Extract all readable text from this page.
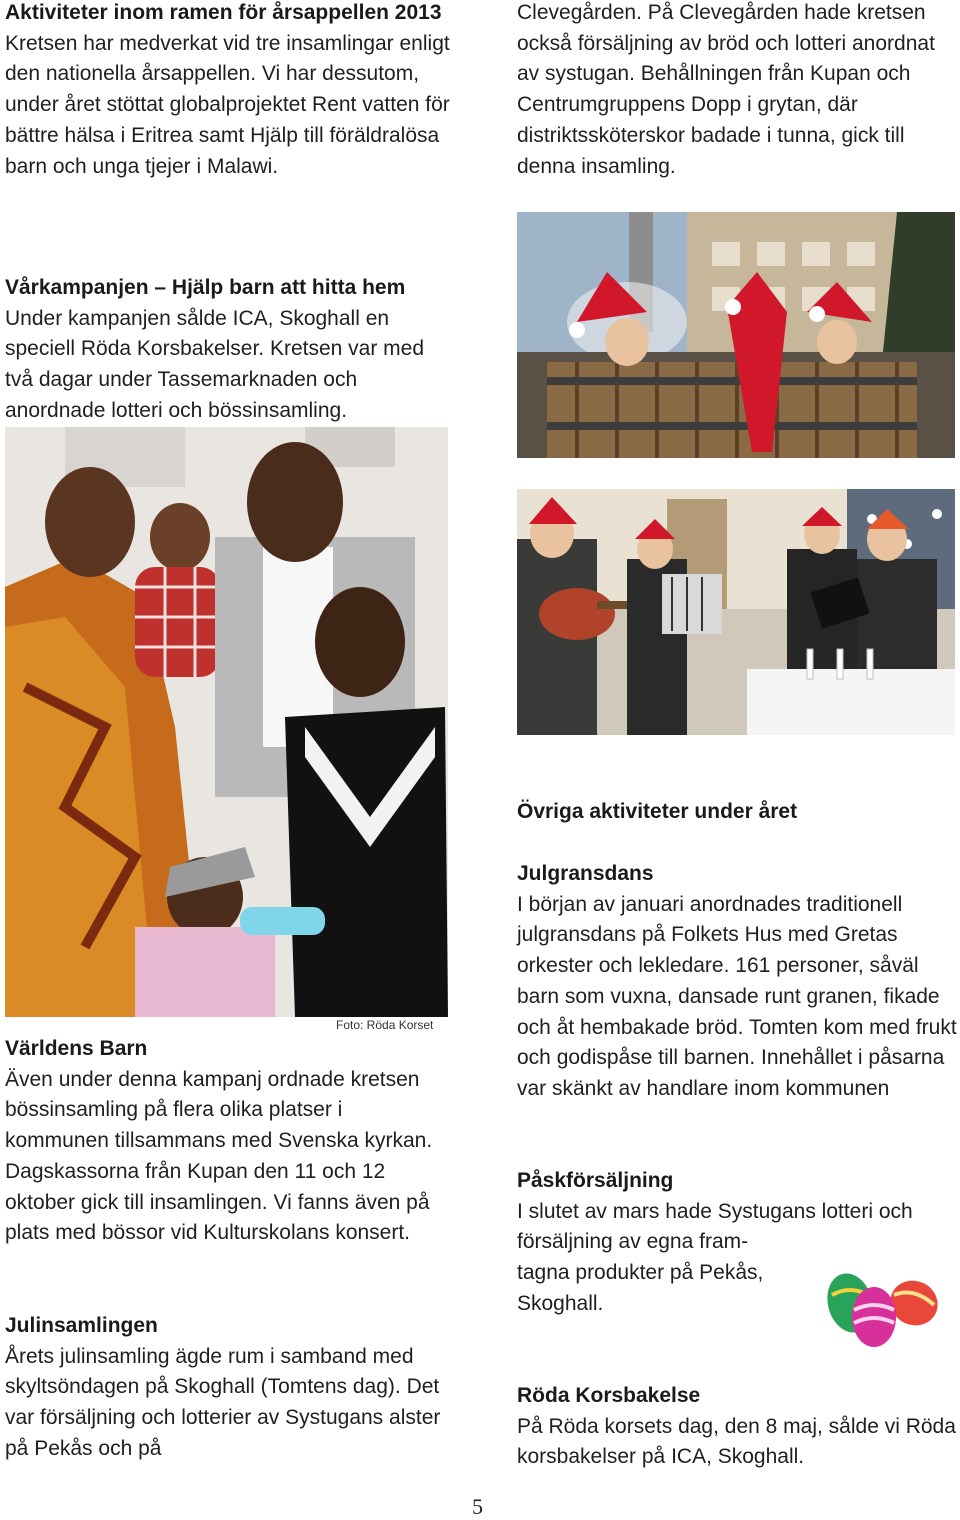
Aktiviteter inom ramen för årsappellen 2013
Kretsen har medverkat vid tre insamlingar enligt den nationella årsappellen. Vi har dessutom, under året stöttat globalprojektet Rent vatten för bättre hälsa i Eritrea samt Hjälp till föräldralösa barn och unga tjejer i Malawi.
Vårkampanjen – Hjälp barn att hitta hem
Under kampanjen sålde ICA, Skoghall en speciell Röda Korsbakelser. Kretsen var med två dagar under Tassemarknaden och anordnade lotteri och bössinsamling.
Foto: Röda Korset
Världens Barn
Även under denna kampanj ordnade kretsen bössinsamling på flera olika platser i kommunen tillsammans med Svenska kyrkan. Dagskassorna från Kupan den 11 och 12 oktober gick till insamlingen. Vi fanns även på plats med bössor vid Kulturskolans konsert.
Julinsamlingen
Årets julinsamling ägde rum i samband med skyltsöndagen på Skoghall (Tomtens dag). Det var försäljning och lotterier av Systugans alster på Pekås och på
Clevegården. På Clevegården hade kretsen också försäljning av bröd och lotteri anordnat av systugan. Behållningen från Kupan och Centrumgruppens Dopp i grytan, där distriktssköterskor badade i tunna, gick till denna insamling.
Övriga aktiviteter under året
Julgransdans
I början av januari anordnades traditionell julgransdans på Folkets Hus med Gretas orkester och lekledare. 161 personer, såväl barn som vuxna, dansade runt granen, fikade och åt hembakade bröd. Tomten kom med frukt och godispåse till barnen. Innehållet i påsarna var skänkt av handlare inom kommunen
Påskförsäljning
I slutet av mars hade Systugans lotteri och
försäljning av egna fram-
tagna produkter på Pekås,
Skoghall.
Röda Korsbakelse
På Röda korsets dag, den 8 maj, sålde vi Röda korsbakelser på ICA, Skoghall.
5
